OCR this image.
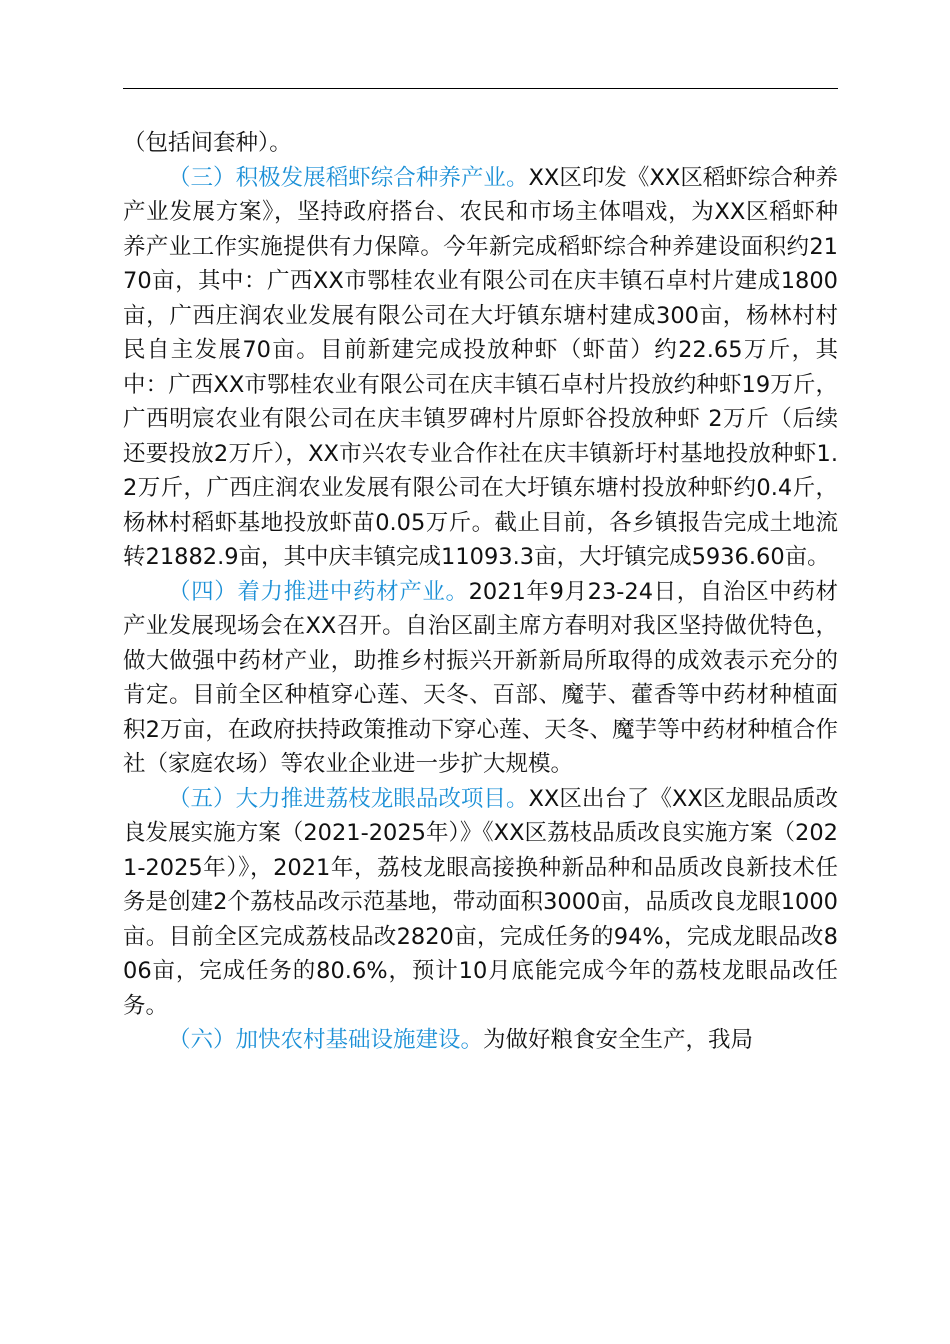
（包括间套种）。

（三）积极发展稻虾综合种养产业。XX区印发《XX区稻虾综合种养产业发展方案》，坚持政府搭台、农民和市场主体唱戏，为XX区稻虾种养产业工作实施提供有力保障。今年新完成稻虾综合种养建设面积约2170亩，其中：广西XX市鄂桂农业有限公司在庆丰镇石卓村片建成1800亩，广西庄润农业发展有限公司在大圩镇东塘村建成300亩，杨林村村民自主发展70亩。目前新建完成投放种虾（虾苗）约22.65万斤，其中：广西XX市鄂桂农业有限公司在庆丰镇石卓村片投放约种虾19万斤，广西明宸农业有限公司在庆丰镇罗碑村片原虾谷投放种虾 2万斤（后续还要投放2万斤），XX市兴农专业合作社在庆丰镇新圩村基地投放种虾1.2万斤，广西庄润农业发展有限公司在大圩镇东塘村投放种虾约0.4斤，杨林村稻虾基地投放虾苗0.05万斤。截止目前，各乡镇报告完成土地流转21882.9亩，其中庆丰镇完成11093.3亩，大圩镇完成5936.60亩。

（四）着力推进中药材产业。2021年9月23-24日，自治区中药材产业发展现场会在XX召开。自治区副主席方春明对我区坚持做优特色，做大做强中药材产业，助推乡村振兴开新新局所取得的成效表示充分的肯定。目前全区种植穿心莲、天冬、百部、魔芋、藿香等中药材种植面积2万亩，在政府扶持政策推动下穿心莲、天冬、魔芋等中药材种植合作社（家庭农场）等农业企业进一步扩大规模。

（五）大力推进荔枝龙眼品改项目。XX区出台了《XX区龙眼品质改良发展实施方案（2021-2025年）》《XX区荔枝品质改良实施方案（2021-2025年）》，2021年，荔枝龙眼高接换种新品种和品质改良新技术任务是创建2个荔枝品改示范基地，带动面积3000亩，品质改良龙眼1000亩。目前全区完成荔枝品改2820亩，完成任务的94%，完成龙眼品改806亩，完成任务的80.6%，预计10月底能完成今年的荔枝龙眼品改任务。

（六）加快农村基础设施建设。为做好粮食安全生产，我局
